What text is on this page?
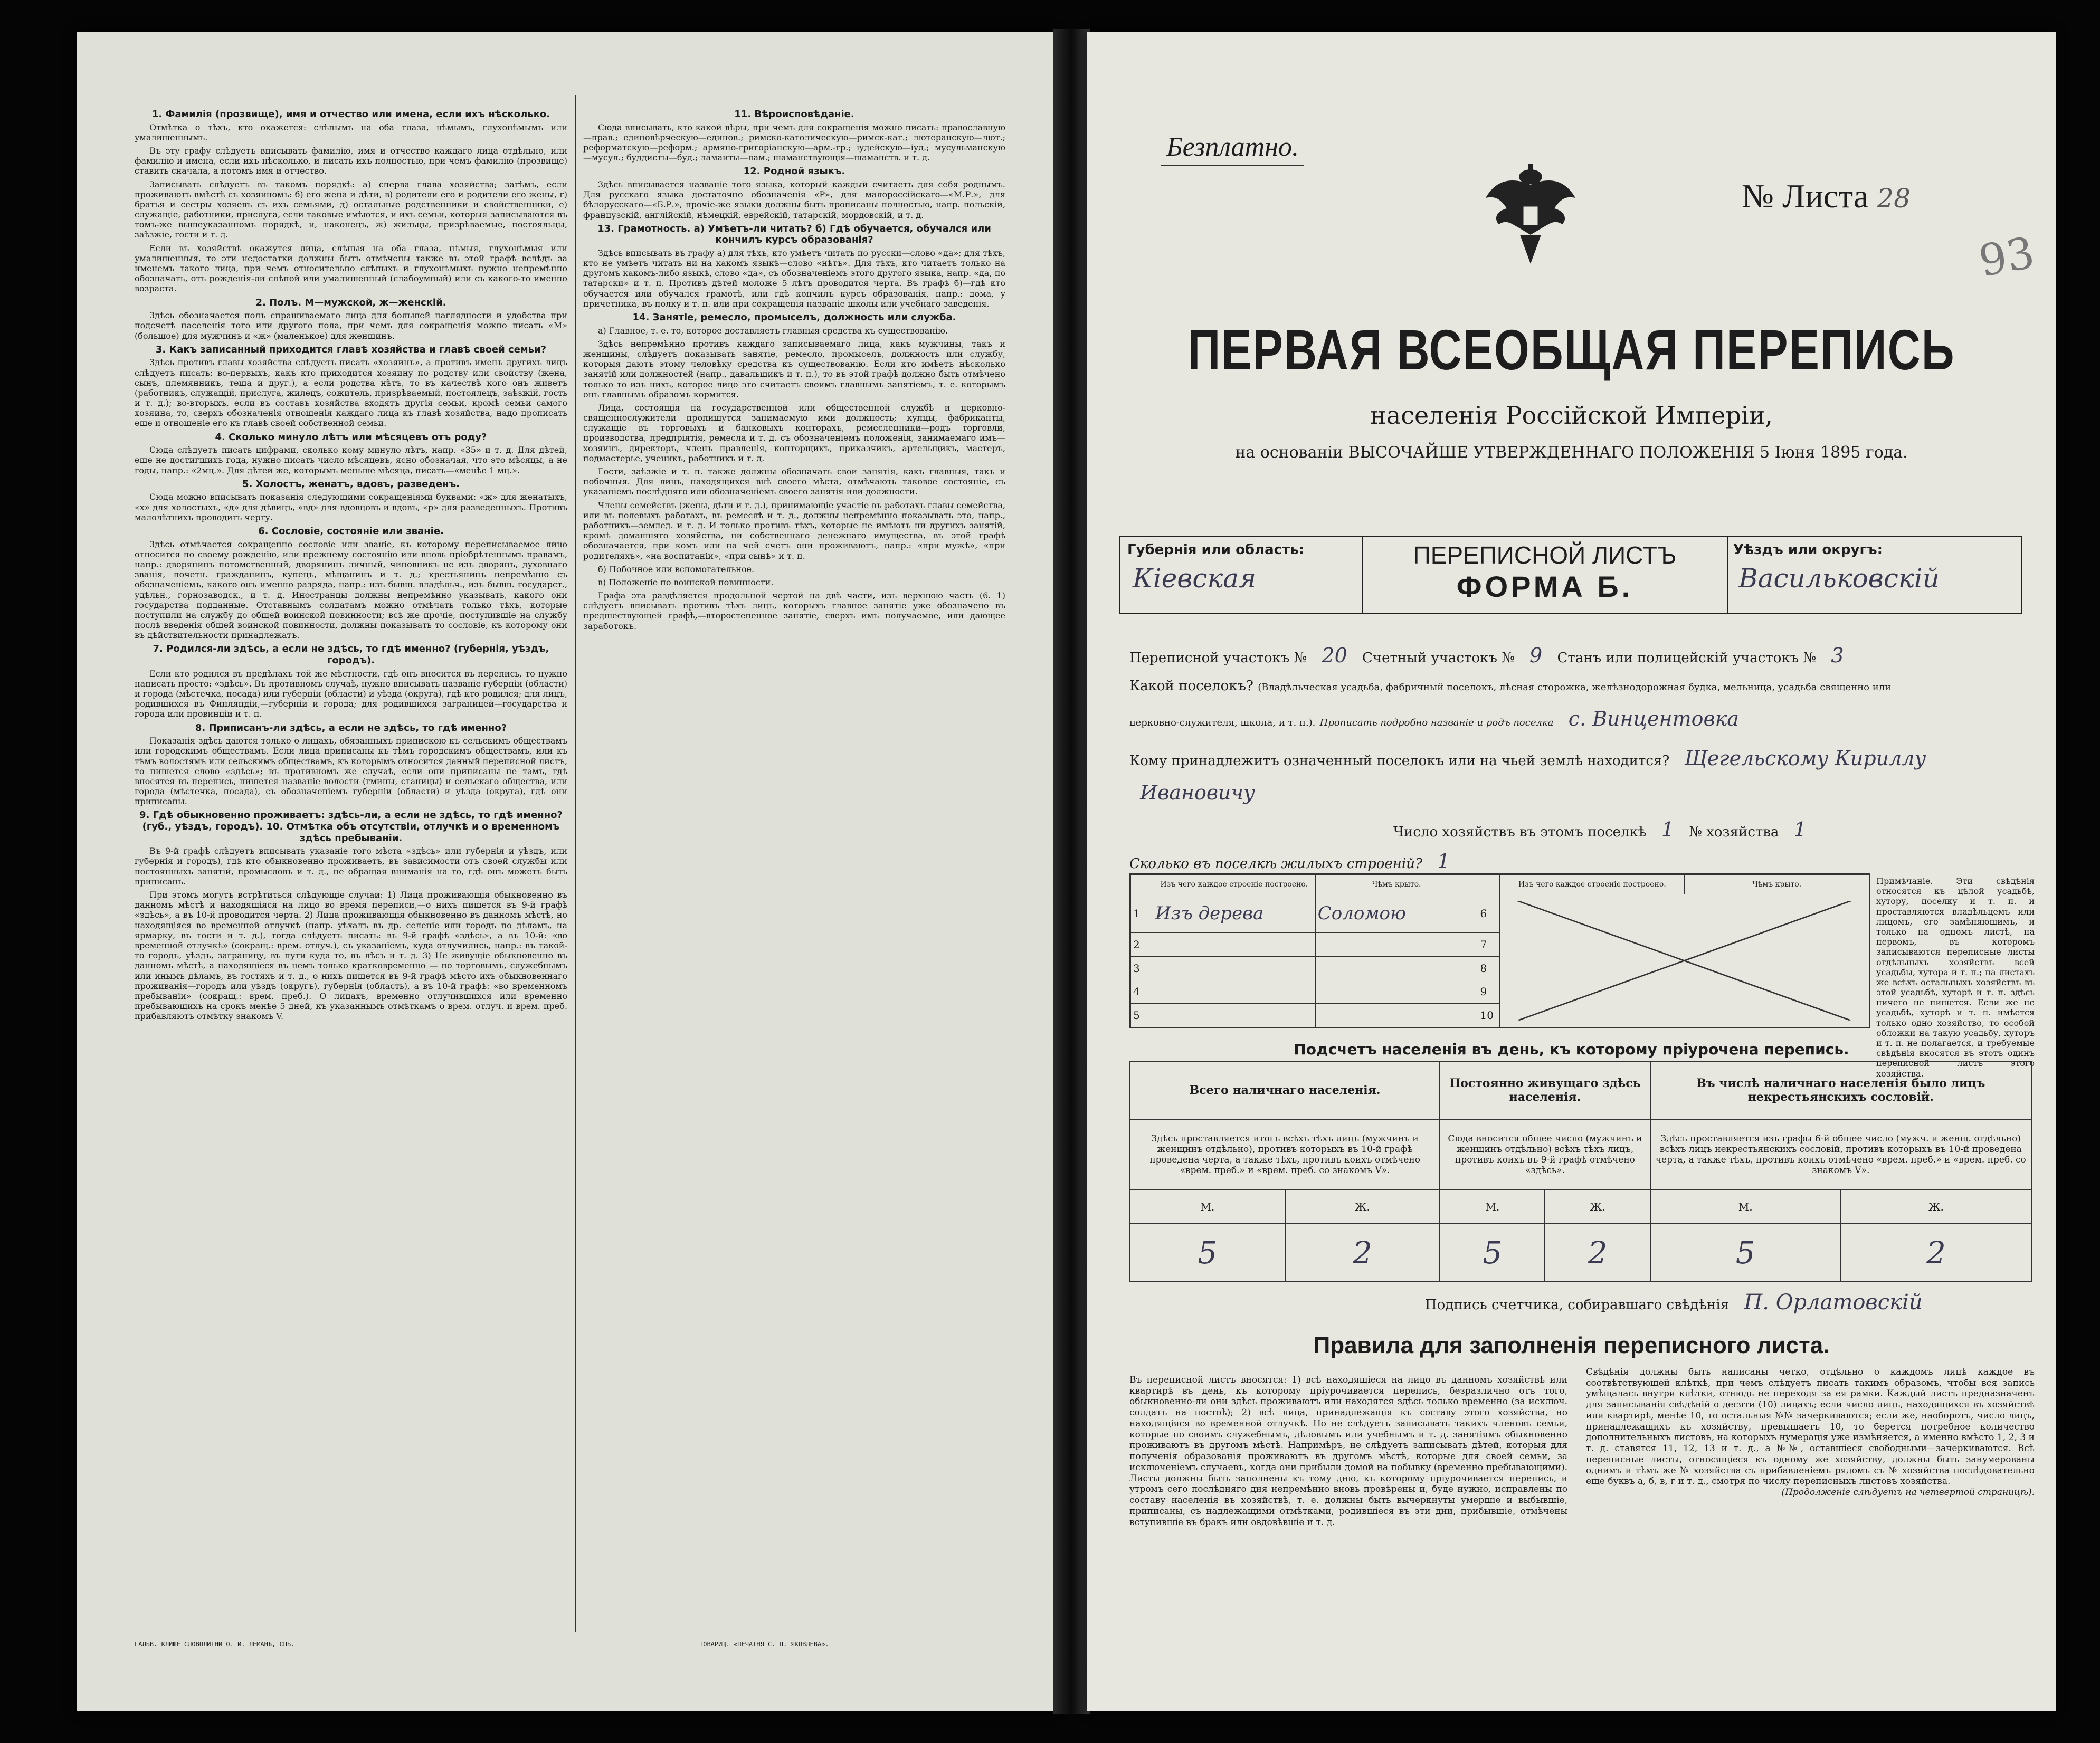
1. Фамилія (прозвище), имя и отчество или имена, если ихъ нѣсколько.

Отмѣтка о тѣхъ, кто окажется: слѣпымъ на оба глаза, нѣмымъ, глухонѣмымъ или умалишеннымъ.

Въ эту графу слѣдуетъ вписывать фамилію, имя и отчество каждаго лица отдѣльно, или фамилію и имена, если ихъ нѣсколько, и писать ихъ полностью, при чемъ фамилію (прозвище) ставить сначала, а потомъ имя и отчество.

Записывать слѣдуетъ въ такомъ порядкѣ: а) сперва глава хозяйства; затѣмъ, если проживаютъ вмѣстѣ съ хозяиномъ: б) его жена и дѣти, в) родители его и родители его жены, г) братья и сестры хозяевъ съ ихъ семьями, д) остальные родственники и свойственники, е) служащіе, работники, прислуга, если таковые имѣются, и ихъ семьи, которыя записываются въ томъ-же вышеуказанномъ порядкѣ, и, наконецъ, ж) жильцы, призрѣваемые, постояльцы, заѣзжіе, гости и т. д.

Если въ хозяйствѣ окажутся лица, слѣпыя на оба глаза, нѣмыя, глухонѣмыя или умалишенныя, то эти недостатки должны быть отмѣчены также въ этой графѣ вслѣдъ за именемъ такого лица, при чемъ относительно слѣпыхъ и глухонѣмыхъ нужно непремѣнно обозначать, отъ рожденія-ли слѣпой или умалишенный (слабоумный) или съ какого-то именно возраста.

2. Полъ. М—мужской, ж—женскій.

Здѣсь обозначается полъ спрашиваемаго лица для большей наглядности и удобства при подсчетѣ населенія того или другого пола, при чемъ для сокращенія можно писать «М» (большое) для мужчинъ и «ж» (маленькое) для женщинъ.

3. Какъ записанный приходится главѣ хозяйства и главѣ своей семьи?

Здѣсь противъ главы хозяйства слѣдуетъ писать «хозяинъ», а противъ именъ другихъ лицъ слѣдуетъ писать: во-первыхъ, какъ кто приходится хозяину по родству или свойству (жена, сынъ, племянникъ, теща и друг.), а если родства нѣтъ, то въ качествѣ кого онъ живетъ (работникъ, служащій, прислуга, жилецъ, сожитель, призрѣваемый, постоялецъ, заѣзжій, гость и т. д.); во-вторыхъ, если въ составъ хозяйства входятъ другія семьи, кромѣ семьи самого хозяина, то, сверхъ обозначенія отношенія каждаго лица къ главѣ хозяйства, надо прописать еще и отношеніе его къ главѣ своей собственной семьи.

4. Сколько минуло лѣтъ или мѣсяцевъ отъ роду?

Сюда слѣдуетъ писать цифрами, сколько кому минуло лѣтъ, напр. «35» и т. д. Для дѣтей, еще не достигшихъ года, нужно писать число мѣсяцевъ, ясно обозначая, что это мѣсяцы, а не годы, напр.: «2мц.». Для дѣтей же, которымъ меньше мѣсяца, писать—«менѣе 1 мц.».

5. Холостъ, женатъ, вдовъ, разведенъ.

Сюда можно вписывать показанія следующими сокращеніями буквами: «ж» для женатыхъ, «х» для холостыхъ, «д» для дѣвицъ, «вд» для вдовцовъ и вдовъ, «р» для разведенныхъ. Противъ малолѣтнихъ проводить черту.

6. Сословіе, состояніе или званіе.

Здѣсь отмѣчается сокращенно сословіе или званіе, къ которому переписываемое лицо относится по своему рожденію, или прежнему состоянію или вновь пріобрѣтеннымъ правамъ, напр.: дворянинъ потомственный, дворянинъ личный, чиновникъ не изъ дворянъ, духовнаго званія, почетн. гражданинъ, купецъ, мѣщанинъ и т. д.; крестьянинъ непремѣнно съ обозначеніемъ, какого онъ именно разряда, напр.: изъ бывш. владѣльч., изъ бывш. государст., удѣльн., горнозаводск., и т. д. Иностранцы должны непремѣнно указывать, какого они государства подданные. Отставнымъ солдатамъ можно отмѣчать только тѣхъ, которые поступили на службу до общей воинской повинности; всѣ же прочіе, поступившіе на службу послѣ введенія общей воинской повинности, должны показывать то сословіе, къ которому они въ дѣйствительности принадлежатъ.

7. Родился-ли здѣсь, а если не здѣсь, то гдѣ именно? (губернія, уѣздъ, городъ).

Если кто родился въ предѣлахъ той же мѣстности, гдѣ онъ вносится въ перепись, то нужно написать просто: «здѣсь». Въ противномъ случаѣ, нужно вписывать названіе губерніи (области) и города (мѣстечка, посада) или губерніи (области) и уѣзда (округа), гдѣ кто родился; для лицъ, родившихся въ Финляндіи,—губерніи и города; для родившихся заграницей—государства и города или провинціи и т. п.

8. Приписанъ-ли здѣсь, а если не здѣсь, то гдѣ именно?

Показанія здѣсь даются только о лицахъ, обязанныхъ припискою къ сельскимъ обществамъ или городскимъ обществамъ. Если лица приписаны къ тѣмъ городскимъ обществамъ, или къ тѣмъ волостямъ или сельскимъ обществамъ, къ которымъ относится данный переписной листъ, то пишется слово «здѣсь»; въ противномъ же случаѣ, если они приписаны не тамъ, гдѣ вносятся въ перепись, пишется названіе волости (гмины, станицы) и сельскаго общества, или города (мѣстечка, посада), съ обозначеніемъ губерніи (области) и уѣзда (округа), гдѣ они приписаны.

9. Гдѣ обыкновенно проживаетъ: здѣсь-ли, а если не здѣсь, то гдѣ именно? (губ., уѣздъ, городъ). 10. Отмѣтка объ отсутствіи, отлучкѣ и о временномъ здѣсь пребываніи.

Въ 9-й графѣ слѣдуетъ вписывать указаніе того мѣста «здѣсь» или губернія и уѣздъ, или губернія и городъ), гдѣ кто обыкновенно проживаетъ, въ зависимости отъ своей службы или постоянныхъ занятій, промысловъ и т. д., не обращая вниманія на то, гдѣ онъ можетъ быть приписанъ.

При этомъ могутъ встрѣтиться слѣдующіе случаи: 1) Лица проживающія обыкновенно въ данномъ мѣстѣ и находящіяся на лицо во время переписи,—о нихъ пишется въ 9-й графѣ «здѣсь», а въ 10-й проводится черта. 2) Лица проживающія обыкновенно въ данномъ мѣстѣ, но находящіяся во временной отлучкѣ (напр. уѣхалъ въ др. селеніе или городъ по дѣламъ, на ярмарку, въ гости и т. д.), тогда слѣдуетъ писать: въ 9-й графѣ «здѣсь», а въ 10-й: «во временной отлучкѣ» (сокращ.: врем. отлуч.), съ указаніемъ, куда отлучились, напр.: въ такой-то городъ, уѣздъ, заграницу, въ пути куда то, въ лѣсъ и т. д. 3) Не живущіе обыкновенно въ данномъ мѣстѣ, а находящіеся въ немъ только кратковременно — по торговымъ, служебнымъ или инымъ дѣламъ, въ гостяхъ и т. д., о нихъ пишется въ 9-й графѣ мѣсто ихъ обыкновеннаго проживанія—городъ или уѣздъ (округъ), губернія (область), а въ 10-й графѣ: «во временномъ пребываніи» (сокращ.: врем. преб.). О лицахъ, временно отлучившихся или временно пребывающихъ на срокъ менѣе 5 дней, къ указаннымъ отмѣткамъ о врем. отлуч. и врем. преб. прибавляютъ отмѣтку знакомъ V.

11. Вѣроисповѣданіе.

Сюда вписывать, кто какой вѣры, при чемъ для сокращенія можно писать: православную—прав.; единовѣрческую—единов.; римско-католическую—римск-кат.; лютеранскую—лют.; реформатскую—реформ.; армяно-григоріанскую—арм.-гр.; іудейскую—іуд.; мусульманскую—мусул.; буддисты—буд.; ламаиты—лам.; шаманствующія—шаманств. и т. д.

12. Родной языкъ.

Здѣсь вписывается названіе того языка, который каждый считаетъ для себя роднымъ. Для русскаго языка достаточно обозначенія «Р», для малороссійскаго—«М.Р.», для бѣлорусскаго—«Б.Р.», прочіе-же языки должны быть прописаны полностью, напр. польскій, французскій, англійскій, нѣмецкій, еврейскій, татарскій, мордовскій, и т. д.

13. Грамотность. а) Умѣетъ-ли читать? б) Гдѣ обучается, обучался или кончилъ курсъ образованія?

Здѣсь вписывать въ графу а) для тѣхъ, кто умѣетъ читать по русски—слово «да»; для тѣхъ, кто не умѣетъ читать ни на какомъ языкѣ—слово «нѣтъ». Для тѣхъ, кто читаетъ только на другомъ какомъ-либо языкѣ, слово «да», съ обозначеніемъ этого другого языка, напр. «да, по татарски» и т. п. Противъ дѣтей моложе 5 лѣтъ проводится черта. Въ графѣ б)—гдѣ кто обучается или обучался грамотѣ, или гдѣ кончилъ курсъ образованія, напр.: дома, у причетника, въ полку и т. п. или при сокращенія названіе школы или учебнаго заведенія.

14. Занятіе, ремесло, промыселъ, должность или служба.

а) Главное, т. е. то, которое доставляетъ главныя средства къ существованію.

Здѣсь непремѣнно противъ каждаго записываемаго лица, какъ мужчины, такъ и женщины, слѣдуетъ показывать занятіе, ремесло, промыселъ, должность или службу, которыя даютъ этому человѣку средства къ существованію. Если кто имѣетъ нѣсколько занятій или должностей (напр., давальщикъ и т. п.), то въ этой графѣ должно быть отмѣчено только то изъ нихъ, которое лицо это считаетъ своимъ главнымъ занятіемъ, т. е. которымъ онъ главнымъ образомъ кормится.

Лица, состоящія на государственной или общественной службѣ и церковно-священнослужители пропишутся занимаемую ими должность; купцы, фабриканты, служащіе въ торговыхъ и банковыхъ конторахъ, ремесленники—родъ торговли, производства, предпріятія, ремесла и т. д. съ обозначеніемъ положенія, занимаемаго имъ—хозяинъ, директоръ, членъ правленія, конторщикъ, приказчикъ, артельщикъ, мастеръ, подмастерье, ученикъ, работникъ и т. д.

Гости, заѣзжіе и т. п. также должны обозначать свои занятія, какъ главныя, такъ и побочныя. Для лицъ, находящихся внѣ своего мѣста, отмѣчають таковое состояніе, съ указаніемъ послѣдняго или обозначеніемъ своего занятія или должности.

Члены семействъ (жены, дѣти и т. д.), принимающіе участіе въ работахъ главы семейства, или въ полевыхъ работахъ, въ ремеслѣ и т. д., должны непремѣнно показывать это, напр., работникъ—землед. и т. д. И только противъ тѣхъ, которые не имѣютъ ни другихъ занятій, кромѣ домашняго хозяйства, ни собственнаго денежнаго имущества, въ этой графѣ обозначается, при комъ или на чей счетъ они проживаютъ, напр.: «при мужѣ», «при родителяхъ», «на воспитаніи», «при сынѣ» и т. п.

б) Побочное или вспомогательное.

в) Положеніе по воинской повинности.

Графа эта раздѣляется продольной чертой на двѣ части, изъ верхнюю часть (6. 1) слѣдуетъ вписывать противъ тѣхъ лицъ, которыхъ главное занятіе уже обозначено въ предшествующей графѣ,—второстепенное занятіе, сверхъ имъ получаемое, или дающее заработокъ.

ГАЛЬВ. КЛИШЕ СЛОВОЛИТНИ О. И. ЛЕМАНЪ, СПБ.	ТОВАРИЩ. «ПЕЧАТНЯ С. П. ЯКОВЛЕВА».
Безплатно.
№ Листа 28
93
ПЕРВАЯ ВСЕОБЩАЯ ПЕРЕПИСЬ
населенія Россійской Имперіи,
на основаніи ВЫСОЧАЙШЕ УТВЕРЖДЕННАГО ПОЛОЖЕНІЯ 5 Іюня 1895 года.
Губернія или область:
Кіевская
ПЕРЕПИСНОЙ ЛИСТЪ
ФОРМА Б.
Уѣздъ или округъ:
Васильковскій
Переписной участокъ № 20 Счетный участокъ № 9 Станъ или полицейскій участокъ № 3
Какой поселокъ? (Владѣльческая усадьба, фабричный поселокъ, лѣсная сторожка, желѣзнодорожная будка, мельница, усадьба священно или
церковно-служителя, школа, и т. п.). Прописать подробно названіе и родъ поселка с. Винцентовка
Кому принадлежитъ означенный поселокъ или на чьей землѣ находится? Щегельскому Кириллу
Ивановичу
Число хозяйствъ въ этомъ поселкѣ 1 № хозяйства 1
Сколько въ поселкѣ жилыхъ строеній? 1
	Изъ чего каждое строеніе построено.	Чѣмъ крыто.		Изъ чего каждое строеніе построено.	Чѣмъ крыто.
1	Изъ дерева	Соломою	6	

2			7		
3			8		
4			9		
5			10		
Примѣчаніе. Эти свѣдѣнія относятся къ цѣлой усадьбѣ, хутору, поселку и т. п. и проставляются владѣльцемъ или лицомъ, его замѣняющимъ, и только на одномъ листѣ, на первомъ, въ которомъ записываются переписные листы отдѣльныхъ хозяйствъ всей усадьбы, хутора и т. п.; на листахъ же всѣхъ остальныхъ хозяйствъ въ этой усадьбѣ, хуторѣ и т. п. здѣсь ничего не пишется. Если же не усадьбѣ, хуторѣ и т. п. имѣется только одно хозяйство, то особой обложки на такую усадьбу, хуторъ и т. п. не полагается, и требуемые свѣдѣнія вносятся въ этотъ одинъ переписной листъ этого хозяйства.
Подсчетъ населенія въ день, къ которому пріурочена перепись.
Всего наличнаго населенія.		Постоянно живущаго здѣсь населенія.		Въ числѣ наличнаго населенія было лицъ некрестьянскихъ сословій.	
Здѣсь проставляется итогъ всѣхъ тѣхъ лицъ (мужчинъ и женщинъ отдѣльно), противъ которыхъ въ 10-й графѣ проведена черта, а также тѣхъ, противъ коихъ отмѣчено «врем. преб.» и «врем. преб. со знакомъ V».		Сюда вносится общее число (мужчинъ и женщинъ отдѣльно) всѣхъ тѣхъ лицъ, противъ коихъ въ 9-й графѣ отмѣчено «здѣсь».		Здѣсь проставляется изъ графы 6-й общее число (мужч. и женщ. отдѣльно) всѣхъ лицъ некрестьянскихъ сословій, противъ которыхъ въ 10-й проведена черта, а также тѣхъ, противъ коихъ отмѣчено «врем. преб.» и «врем. преб. со знакомъ V».	
М.	Ж.	М.	Ж.	М.	Ж.
5	2	5	2	5	2
Подпись счетчика, собиравшаго свѣдѣнія П. Орлатовскій
Правила для заполненія переписного листа.
Въ переписной листъ вносятся: 1) всѣ находящіеся на лицо въ данномъ хозяйствѣ или квартирѣ въ день, къ которому пріурочивается перепись, безразлично отъ того, обыкновенно-ли они здѣсь проживаютъ или находятся здѣсь только временно (за исключ. солдатъ на постоѣ); 2) всѣ лица, принадлежащія къ составу этого хозяйства, но находящіяся во временной отлучкѣ. Но не слѣдуетъ записывать такихъ членовъ семьи, которые по своимъ служебнымъ, дѣловымъ или учебнымъ и т. д. занятіямъ обыкновенно проживаютъ въ другомъ мѣстѣ. Напримѣръ, не слѣдуетъ записывать дѣтей, которыя для полученія образованія проживаютъ въ другомъ мѣстѣ, которые для своей семьи, за исключеніемъ случаевъ, когда они прибыли домой на побывку (временно пребывающими). Листы должны быть заполнены къ тому дню, къ которому пріурочивается перепись, и утромъ сего послѣдняго дня непремѣнно вновь провѣрены и, буде нужно, исправлены по составу населенія въ хозяйствѣ, т. е. должны быть вычеркнуты умершіе и выбывшіе, приписаны, съ надлежащими отмѣтками, родившіеся въ эти дни, прибывшіе, отмѣчены вступившіе въ бракъ или овдовѣвшіе и т. д.
Свѣдѣнія должны быть написаны четко, отдѣльно о каждомъ лицѣ каждое въ соотвѣтствующей клѣткѣ, при чемъ слѣдуетъ писать такимъ образомъ, чтобы вся запись умѣщалась внутри клѣтки, отнюдь не переходя за ея рамки. Каждый листъ предназначенъ для записыванія свѣдѣній о десяти (10) лицахъ; если число лицъ, находящихся въ хозяйствѣ или квартирѣ, менѣе 10, то остальныя №№ зачеркиваются; если же, наоборотъ, число лицъ, принадлежащихъ къ хозяйству, превышаетъ 10, то берется потребное количество дополнительныхъ листовъ, на которыхъ нумерація уже измѣняется, а именно вмѣсто 1, 2, 3 и т. д. ставятся 11, 12, 13 и т. д., а №№, оставшіеся свободными—зачеркиваются. Всѣ переписные листы, относящіеся къ одному же хозяйству, должны быть занумерованы однимъ и тѣмъ же № хозяйства съ прибавленіемъ рядомъ съ № хозяйства послѣдовательно еще буквъ а, б, в, г и т. д., смотря по числу переписныхъ листовъ хозяйства.
(Продолженіе слѣдуетъ на четвертой страницѣ).
